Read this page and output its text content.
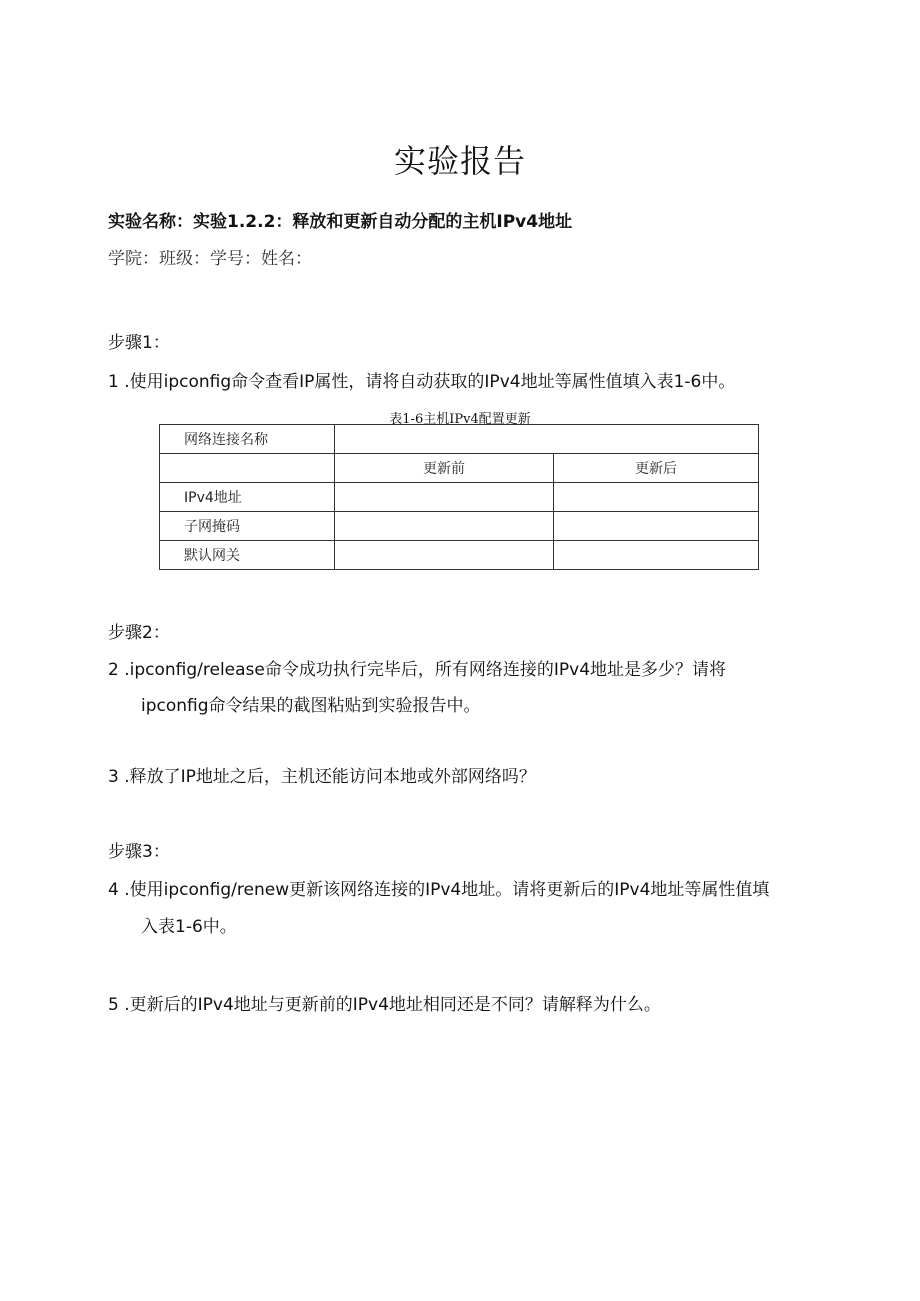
实验报告
实验名称：实验1.2.2：释放和更新自动分配的主机IPv4地址
学院：班级：学号：姓名：
步骤1：
1 .使用ipconfig命令查看IP属性，请将自动获取的IPv4地址等属性值填入表1-6中。
表1-6主机IPv4配置更新
网络连接名称		
	更新前	更新后
IPv4地址		
子网掩码		
默认网关		
步骤2：
2 .ipconfig/release命令成功执行完毕后，所有网络连接的IPv4地址是多少？请将
ipconfig命令结果的截图粘贴到实验报告中。
3 .释放了IP地址之后，主机还能访问本地或外部网络吗？
步骤3：
4 .使用ipconfig/renew更新该网络连接的IPv4地址。请将更新后的IPv4地址等属性值填
入表1-6中。
5 .更新后的IPv4地址与更新前的IPv4地址相同还是不同？请解释为什么。
